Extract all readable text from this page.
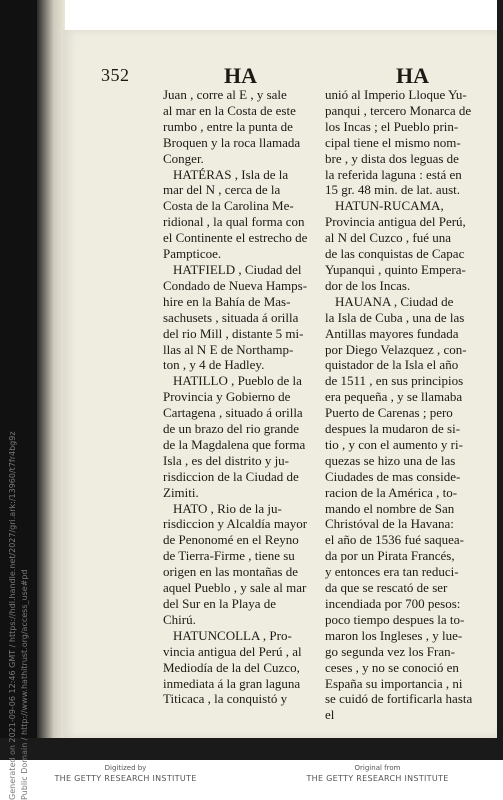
352	HA	HA
Juan , corre al E , y sale
al mar en la Costa de este
rumbo , entre la punta de
Broquen y la roca llamada
Conger.
HATÉRAS , Isla de la
mar del N , cerca de la
Costa de la Carolina Me-
ridional , la qual forma con
el Continente el estrecho de
Pampticoe.
HATFIELD , Ciudad del
Condado de Nueva Hamps-
hire en la Bahía de Mas-
sachusets , situada á orilla
del rio Mill , distante 5 mi-
llas al N E de Northamp-
ton , y 4 de Hadley.
HATILLO , Pueblo de la
Provincia y Gobierno de
Cartagena , situado á orilla
de un brazo del rio grande
de la Magdalena que forma
Isla , es del distrito y ju-
risdiccion de la Ciudad de
Zimiti.
HATO , Rio de la ju-
risdiccion y Alcaldía mayor
de Penonomé en el Reyno
de Tierra-Firme , tiene su
origen en las montañas de
aquel Pueblo , y sale al mar
del Sur en la Playa de
Chirú.
HATUNCOLLA , Pro-
vincia antigua del Perú , al
Mediodía de la del Cuzco,
inmediata á la gran laguna
Titicaca , la conquistó y
unió al Imperio Lloque Yu-
panqui , tercero Monarca de
los Incas ; el Pueblo prin-
cipal tiene el mismo nom-
bre , y dista dos leguas de
la referida laguna : está en
15 gr. 48 min. de lat. aust.
HATUN-RUCAMA,
Provincia antigua del Perú,
al N del Cuzco , fué una
de las conquistas de Capac
Yupanqui , quinto Empera-
dor de los Incas.
HAUANA , Ciudad de
la Isla de Cuba , una de las
Antillas mayores fundada
por Diego Velazquez , con-
quistador de la Isla el año
de 1511 , en sus principios
era pequeña , y se llamaba
Puerto de Carenas ; pero
despues la mudaron de si-
tio , y con el aumento y ri-
quezas se hizo una de las
Ciudades de mas conside-
racion de la América , to-
mando el nombre de San
Christóval de la Havana:
el año de 1536 fué saquea-
da por un Pirata Francés,
y entonces era tan reduci-
da que se rescató de ser
incendiada por 700 pesos:
poco tiempo despues la to-
maron los Ingleses , y lue-
go segunda vez los Fran-
ceses , y no se conoció en
España su importancia , ni
se cuidó de fortificarla hasta
el
Generated on 2021-09-06 12:46 GMT / https://hdl.handle.net/2027/gri.ark:/13960/t7fr4bg9z Public Domain / http://www.hathitrust.org/access_use#pd	Digitized by
THE GETTY RESEARCH INSTITUTE
Original from
THE GETTY RESEARCH INSTITUTE
